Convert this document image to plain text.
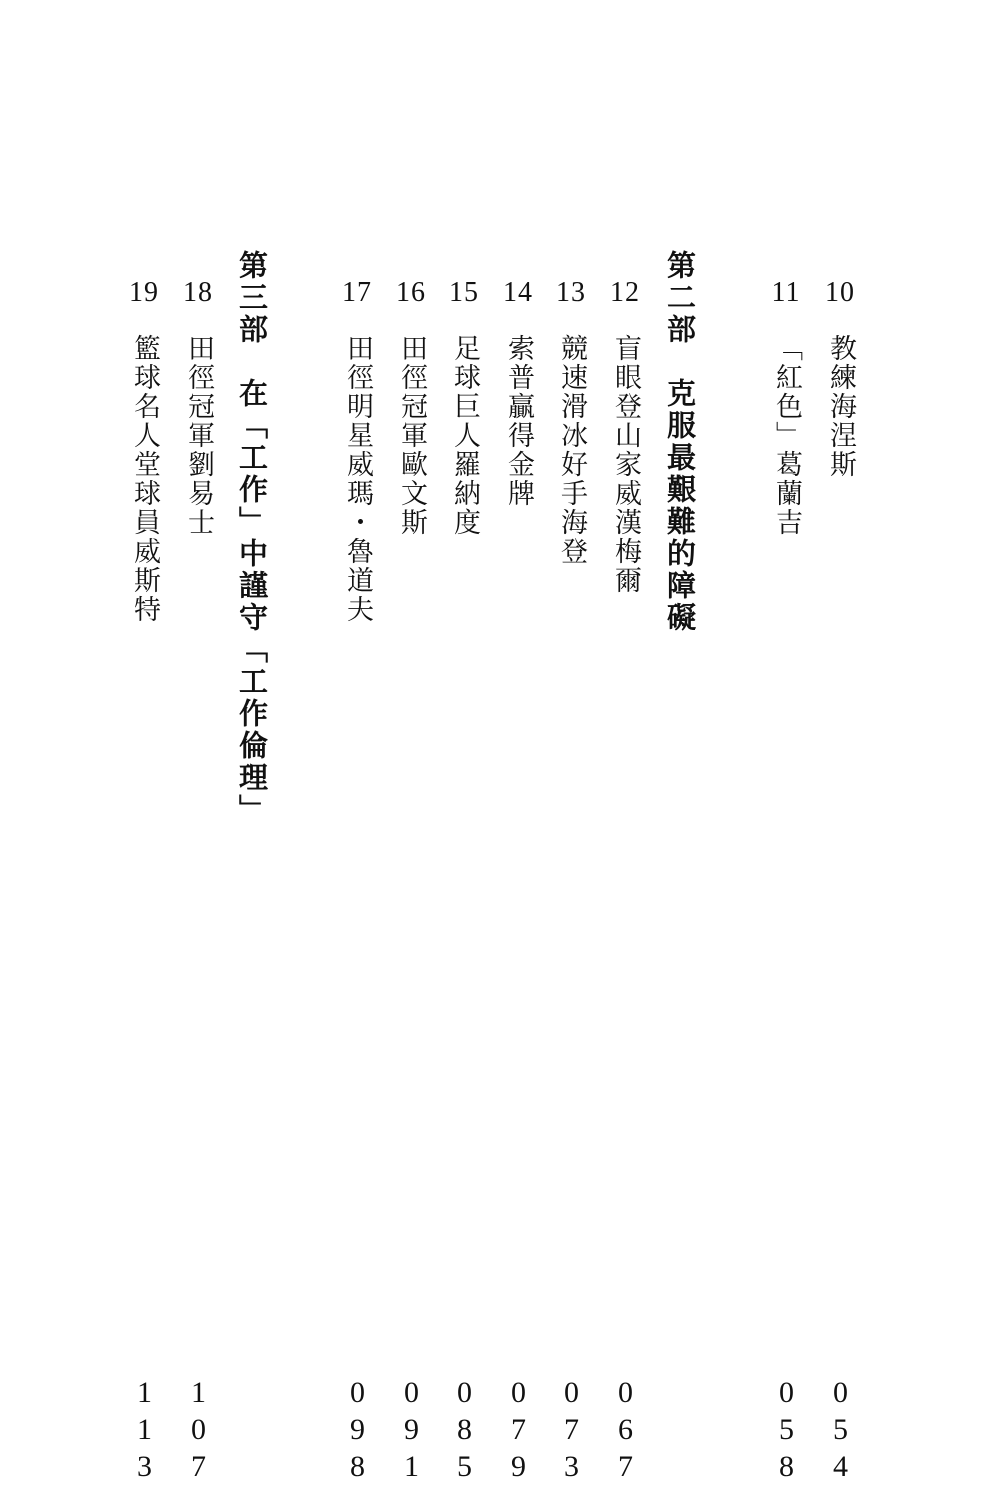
10
教練海涅斯
054
11
「紅色」葛蘭吉
058
第二部　克服最艱難的障礙
12
盲眼登山家威漢梅爾
067
13
競速滑冰好手海登
073
14
索普贏得金牌
079
15
足球巨人羅納度
085
16
田徑冠軍歐文斯
091
17
田徑明星威瑪・魯道夫
098
第三部　在「工作」中謹守「工作倫理」
18
田徑冠軍劉易士
107
19
籃球名人堂球員威斯特
113
